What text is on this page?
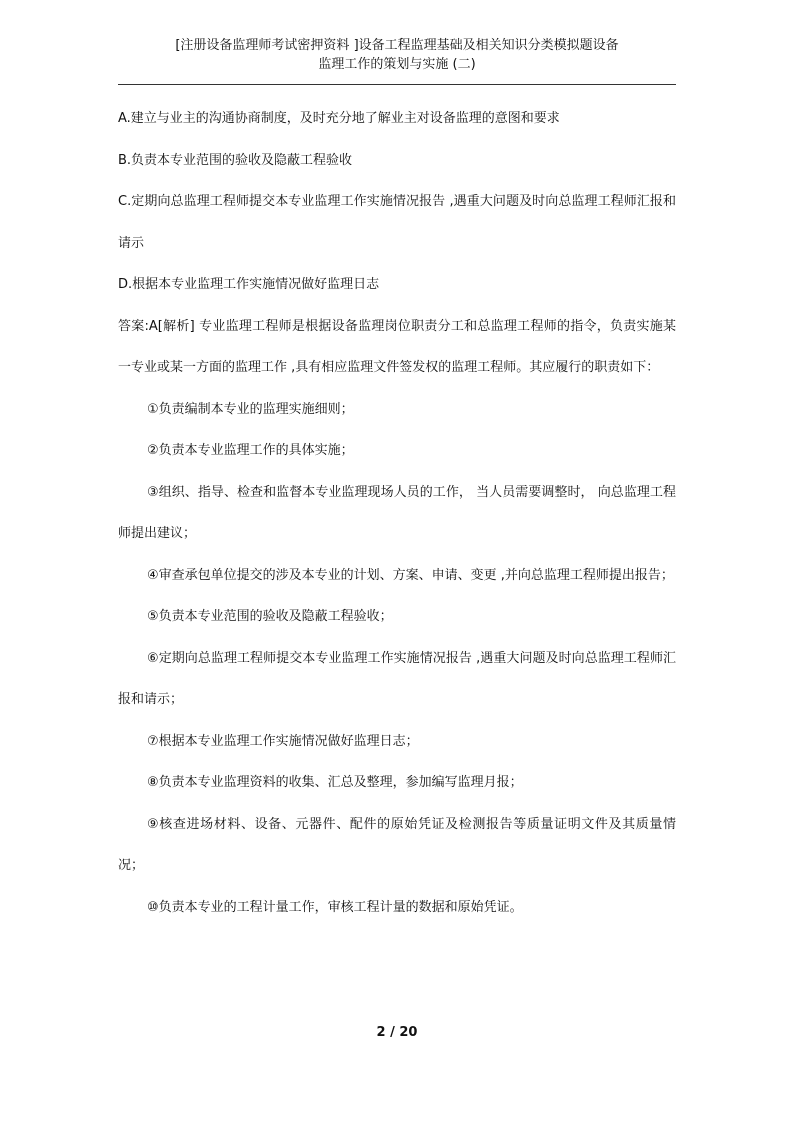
[注册设备监理师考试密押资料 ]设备工程监理基础及相关知识分类模拟题设备
监理工作的策划与实施 (二)

A.建立与业主的沟通协商制度，及时充分地了解业主对设备监理的意图和要求

B.负责本专业范围的验收及隐蔽工程验收

C.定期向总监理工程师提交本专业监理工作实施情况报告 ,遇重大问题及时向总监理工程师汇报和请示

D.根据本专业监理工作实施情况做好监理日志

答案:A[解析] 专业监理工程师是根据设备监理岗位职责分工和总监理工程师的指令，负责实施某一专业或某一方面的监理工作 ,具有相应监理文件签发权的监理工程师。其应履行的职责如下：

①负责编制本专业的监理实施细则；

②负责本专业监理工作的具体实施；

③组织、指导、检查和监督本专业监理现场人员的工作， 当人员需要调整时， 向总监理工程师提出建议；

④审查承包单位提交的涉及本专业的计划、方案、申请、变更 ,并向总监理工程师提出报告；

⑤负责本专业范围的验收及隐蔽工程验收；

⑥定期向总监理工程师提交本专业监理工作实施情况报告 ,遇重大问题及时向总监理工程师汇报和请示；

⑦根据本专业监理工作实施情况做好监理日志；

⑧负责本专业监理资料的收集、汇总及整理，参加编写监理月报；

⑨核查进场材料、设备、元器件、配件的原始凭证及检测报告等质量证明文件及其质量情况；

⑩负责本专业的工程计量工作，审核工程计量的数据和原始凭证。

2 / 20
